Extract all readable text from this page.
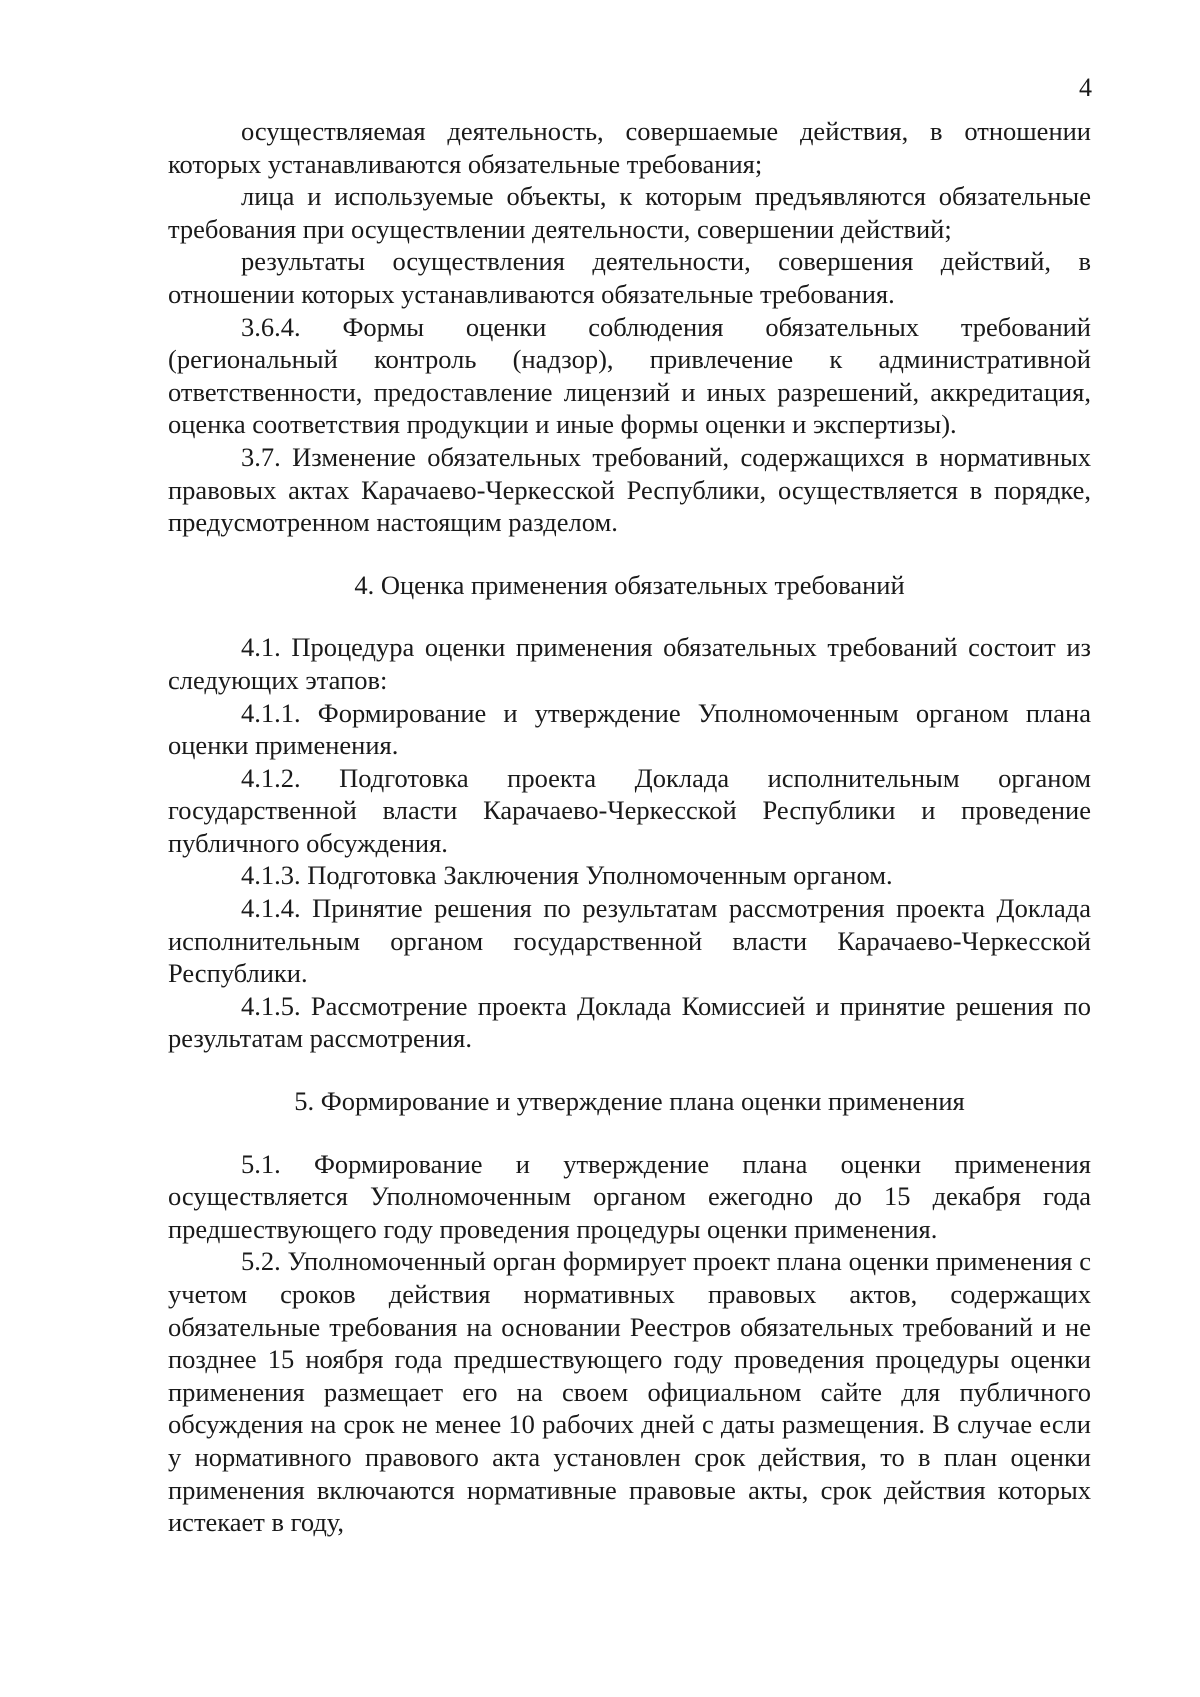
4

осуществляемая деятельность, совершаемые действия, в отношении которых устанавливаются обязательные требования;

лица и используемые объекты, к которым предъявляются обязательные требования при осуществлении деятельности, совершении действий;

результаты осуществления деятельности, совершения действий, в отношении которых устанавливаются обязательные требования.

3.6.4. Формы оценки соблюдения обязательных требований (региональный контроль (надзор), привлечение к административной ответственности, предоставление лицензий и иных разрешений, аккредитация, оценка соответствия продукции и иные формы оценки и экспертизы).

3.7. Изменение обязательных требований, содержащихся в нормативных правовых актах Карачаево-Черкесской Республики, осуществляется в порядке, предусмотренном настоящим разделом.

4. Оценка применения обязательных требований

4.1. Процедура оценки применения обязательных требований состоит из следующих этапов:

4.1.1. Формирование и утверждение Уполномоченным органом плана оценки применения.

4.1.2. Подготовка проекта Доклада исполнительным органом государственной власти Карачаево-Черкесской Республики и проведение публичного обсуждения.

4.1.3. Подготовка Заключения Уполномоченным органом.

4.1.4. Принятие решения по результатам рассмотрения проекта Доклада исполнительным органом государственной власти Карачаево-Черкесской Республики.

4.1.5. Рассмотрение проекта Доклада Комиссией и принятие решения по результатам рассмотрения.

5. Формирование и утверждение плана оценки применения

5.1. Формирование и утверждение плана оценки применения осуществляется Уполномоченным органом ежегодно до 15 декабря года предшествующего году проведения процедуры оценки применения.

5.2. Уполномоченный орган формирует проект плана оценки применения с учетом сроков действия нормативных правовых актов, содержащих обязательные требования на основании Реестров обязательных требований и не позднее 15 ноября года предшествующего году проведения процедуры оценки применения размещает его на своем официальном сайте для публичного обсуждения на срок не менее 10 рабочих дней с даты размещения. В случае если у нормативного правового акта установлен срок действия, то в план оценки применения включаются нормативные правовые акты, срок действия которых истекает в году,
